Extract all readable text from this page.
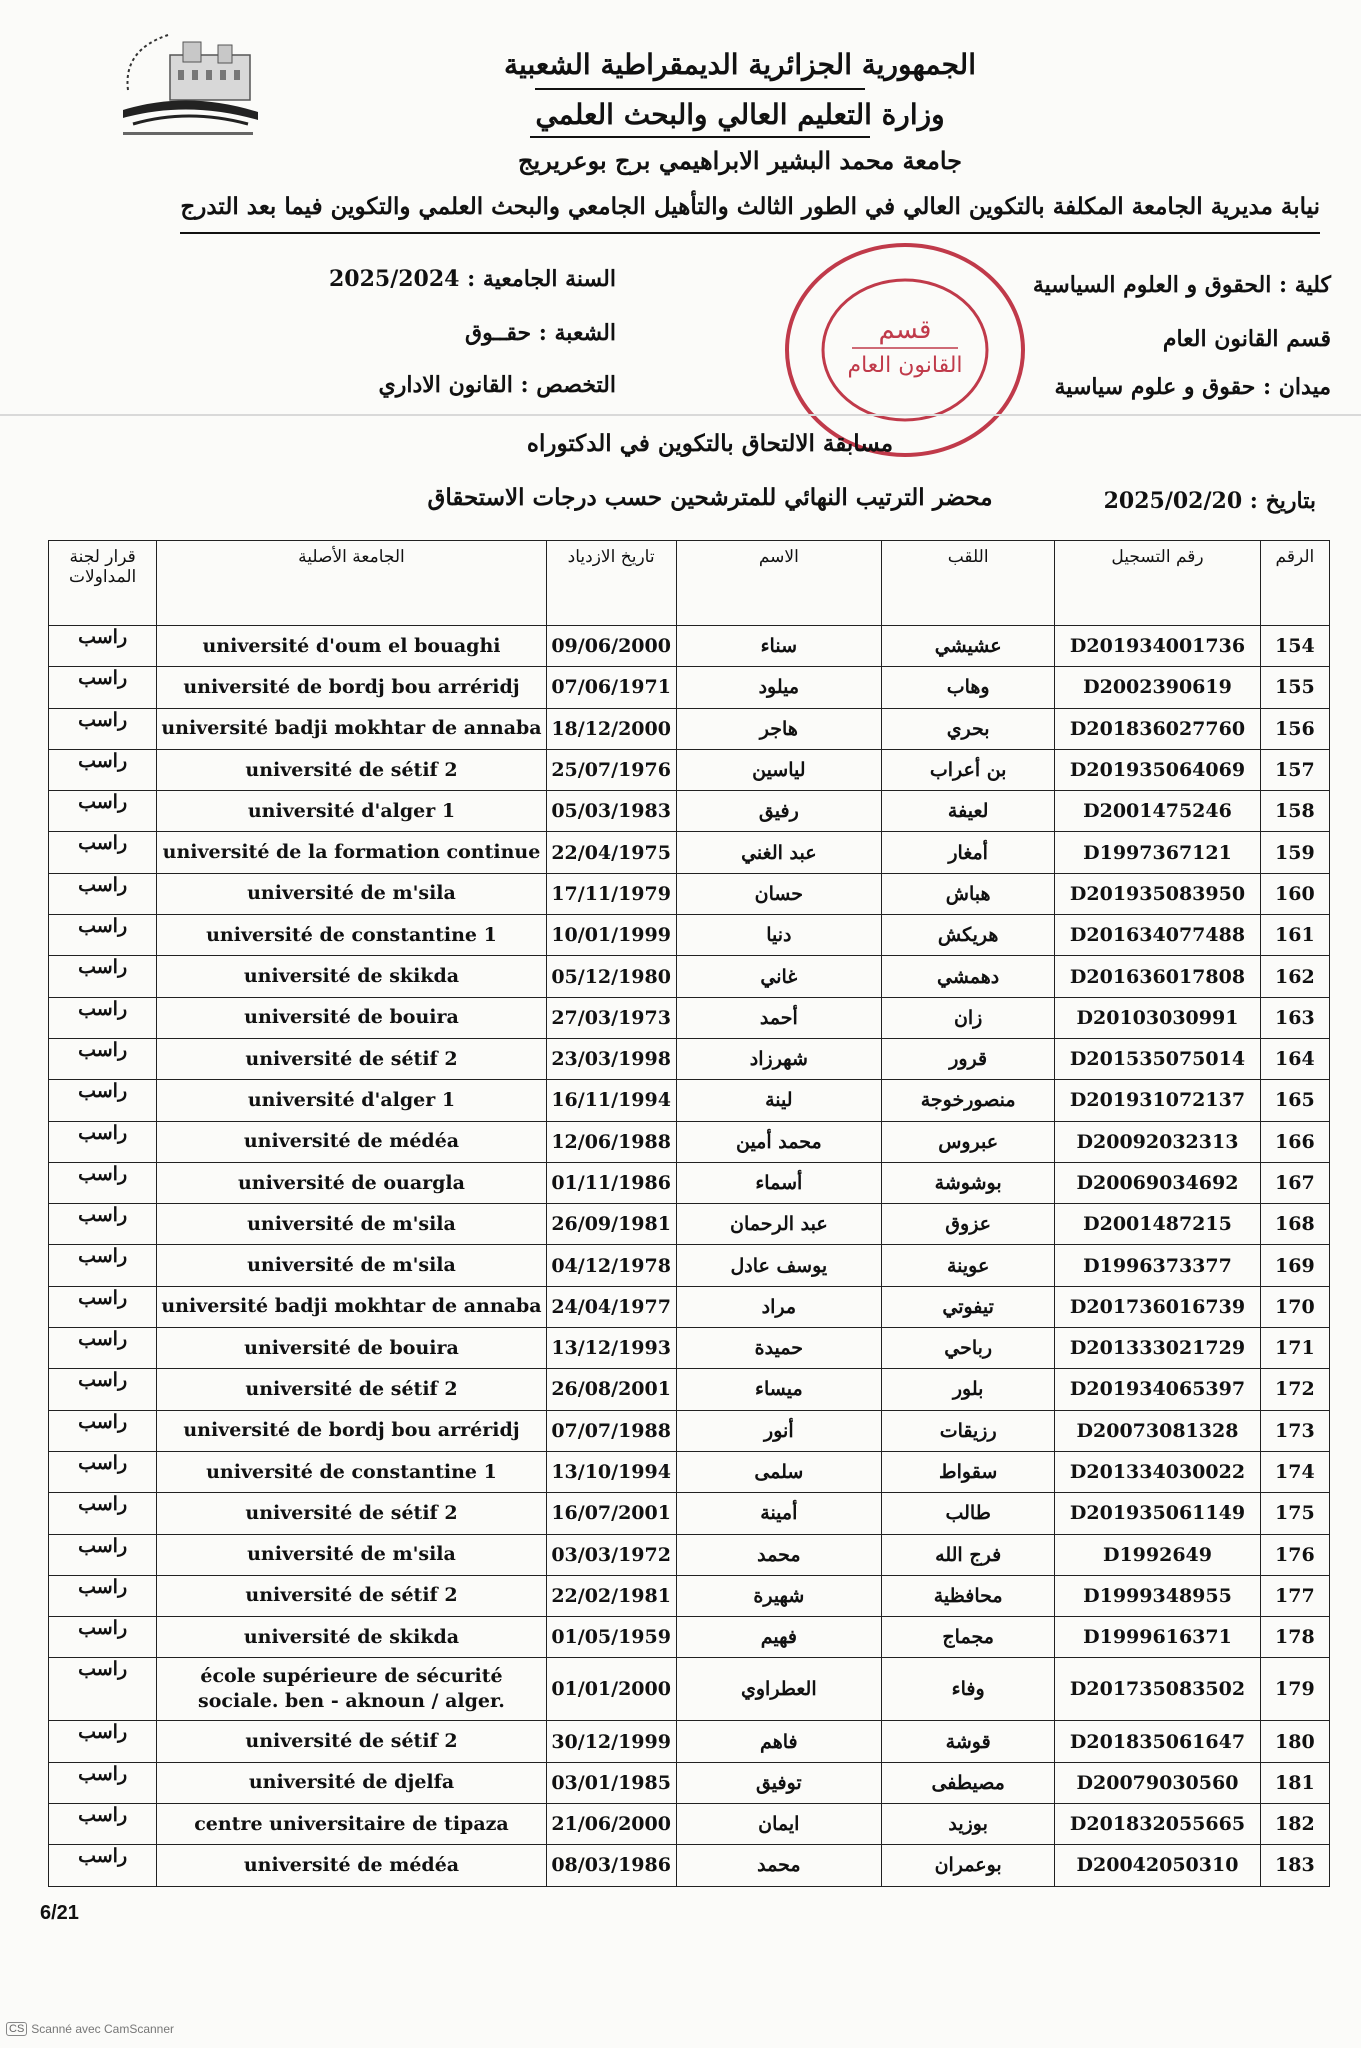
الجمهورية الجزائرية الديمقراطية الشعبية
وزارة التعليم العالي والبحث العلمي
جامعة محمد البشير الابراهيمي برج بوعريريج
نيابة مديرية الجامعة المكلفة بالتكوين العالي في الطور الثالث والتأهيل الجامعي والبحث العلمي والتكوين فيما بعد التدرج
كلية : الحقوق و العلوم السياسية
قسم القانون العام
ميدان : حقوق و علوم سياسية
السنة الجامعية : 2025/2024
الشعبة : حقــوق
التخصص : القانون الاداري
قسم
القانون العام
مسابقة الالتحاق بالتكوين في الدكتوراه
محضر الترتيب النهائي للمترشحين حسب درجات الاستحقاق	بتاريخ : 2025/02/20
الرقم	رقم التسجيل	اللقب	الاسم	تاريخ الازدياد	الجامعة الأصلية	قرار لجنة المداولات
154	D201934001736	عشيشي	سناء	09/06/2000	université d'oum el bouaghi	راسب
155	D2002390619	وهاب	ميلود	07/06/1971	université de bordj bou arréridj	راسب
156	D201836027760	بحري	هاجر	18/12/2000	université badji mokhtar de annaba	راسب
157	D201935064069	بن أعراب	لياسين	25/07/1976	université de sétif 2	راسب
158	D2001475246	لعيفة	رفيق	05/03/1983	université d'alger 1	راسب
159	D1997367121	أمغار	عبد الغني	22/04/1975	université de la formation continue	راسب
160	D201935083950	هباش	حسان	17/11/1979	université de m'sila	راسب
161	D201634077488	هريكش	دنيا	10/01/1999	université de constantine 1	راسب
162	D201636017808	دهمشي	غاني	05/12/1980	université de skikda	راسب
163	D20103030991	زان	أحمد	27/03/1973	université de bouira	راسب
164	D201535075014	قرور	شهرزاد	23/03/1998	université de sétif 2	راسب
165	D201931072137	منصورخوجة	لينة	16/11/1994	université d'alger 1	راسب
166	D20092032313	عبروس	محمد أمين	12/06/1988	université de médéa	راسب
167	D20069034692	بوشوشة	أسماء	01/11/1986	université de ouargla	راسب
168	D2001487215	عزوق	عبد الرحمان	26/09/1981	université de m'sila	راسب
169	D1996373377	عوينة	يوسف عادل	04/12/1978	université de m'sila	راسب
170	D201736016739	تيفوتي	مراد	24/04/1977	université badji mokhtar de annaba	راسب
171	D201333021729	رباحي	حميدة	13/12/1993	université de bouira	راسب
172	D201934065397	بلور	ميساء	26/08/2001	université de sétif 2	راسب
173	D20073081328	رزيقات	أنور	07/07/1988	université de bordj bou arréridj	راسب
174	D201334030022	سقواط	سلمى	13/10/1994	université de constantine 1	راسب
175	D201935061149	طالب	أمينة	16/07/2001	université de sétif 2	راسب
176	D1992649	فرج الله	محمد	03/03/1972	université de m'sila	راسب
177	D1999348955	محافظية	شهيرة	22/02/1981	université de sétif 2	راسب
178	D1999616371	مجماج	فهيم	01/05/1959	université de skikda	راسب
179	D201735083502	وفاء	العطراوي	01/01/2000	école supérieure de sécurité sociale. ben - aknoun / alger.	راسب
180	D201835061647	قوشة	فاهم	30/12/1999	université de sétif 2	راسب
181	D20079030560	مصيطفى	توفيق	03/01/1985	université de djelfa	راسب
182	D201832055665	بوزيد	ايمان	21/06/2000	centre universitaire de tipaza	راسب
183	D20042050310	بوعمران	محمد	08/03/1986	université de médéa	راسب
6/21
CS Scanné avec CamScanner
